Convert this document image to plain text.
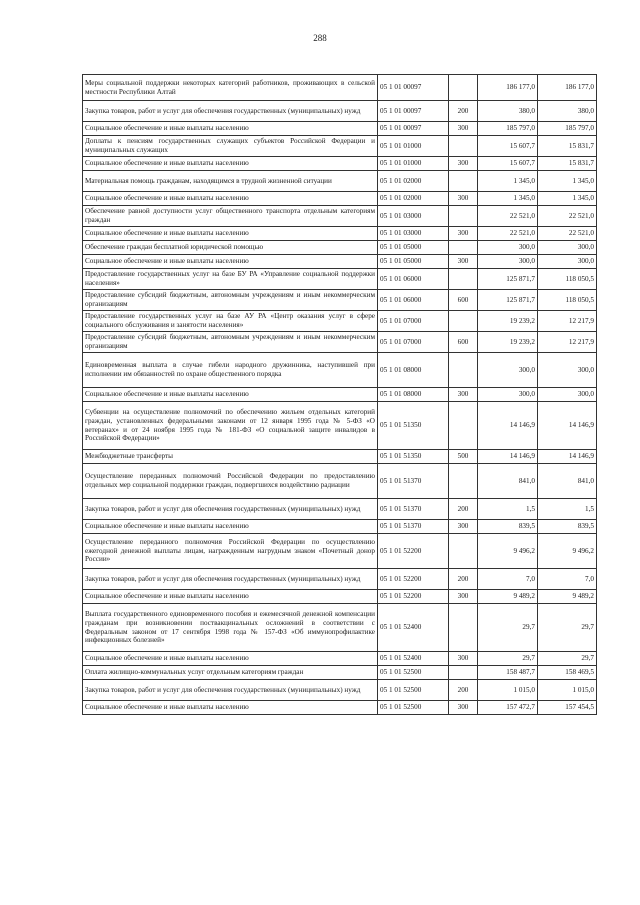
288
Меры социальной поддержки некоторых категорий работников, проживающих в сельской местности Республики Алтай	05 1 01 00097		186 177,0	186 177,0
Закупка товаров, работ и услуг для обеспечения государственных (муниципальных) нужд	05 1 01 00097	200	380,0	380,0
Социальное обеспечение и иные выплаты населению	05 1 01 00097	300	185 797,0	185 797,0
Доплаты к пенсиям государственных служащих субъектов Российской Федерации и муниципальных служащих	05 1 01 01000		15 607,7	15 831,7
Социальное обеспечение и иные выплаты населению	05 1 01 01000	300	15 607,7	15 831,7
Материальная помощь гражданам, находящимся в трудной жизненной ситуации	05 1 01 02000		1 345,0	1 345,0
Социальное обеспечение и иные выплаты населению	05 1 01 02000	300	1 345,0	1 345,0
Обеспечение равной доступности услуг общественного транспорта отдельным категориям граждан	05 1 01 03000		22 521,0	22 521,0
Социальное обеспечение и иные выплаты населению	05 1 01 03000	300	22 521,0	22 521,0
Обеспечение граждан бесплатной юридической помощью	05 1 01 05000		300,0	300,0
Социальное обеспечение и иные выплаты населению	05 1 01 05000	300	300,0	300,0
Предоставление государственных услуг на базе БУ РА «Управление социальной поддержки населения»	05 1 01 06000		125 871,7	118 050,5
Предоставление субсидий бюджетным, автономным учреждениям и иным некоммерческим организациям	05 1 01 06000	600	125 871,7	118 050,5
Предоставление государственных услуг на базе АУ РА «Центр оказания услуг в сфере социального обслуживания и занятости населения»	05 1 01 07000		19 239,2	12 217,9
Предоставление субсидий бюджетным, автономным учреждениям и иным некоммерческим организациям	05 1 01 07000	600	19 239,2	12 217,9
Единовременная выплата в случае гибели народного дружинника, наступившей при исполнении им обязанностей по охране общественного порядка	05 1 01 08000		300,0	300,0
Социальное обеспечение и иные выплаты населению	05 1 01 08000	300	300,0	300,0
Субвенции на осуществление полномочий по обеспечению жильем отдельных категорий граждан, установленных федеральными законами от 12 января 1995 года № 5-ФЗ «О ветеранах» и от 24 ноября 1995 года № 181-ФЗ «О социальной защите инвалидов в Российской Федерации»	05 1 01 51350		14 146,9	14 146,9
Межбюджетные трансферты	05 1 01 51350	500	14 146,9	14 146,9
Осуществление переданных полномочий Российской Федерации по предоставлению отдельных мер социальной поддержки граждан, подвергшихся воздействию радиации	05 1 01 51370		841,0	841,0
Закупка товаров, работ и услуг для обеспечения государственных (муниципальных) нужд	05 1 01 51370	200	1,5	1,5
Социальное обеспечение и иные выплаты населению	05 1 01 51370	300	839,5	839,5
Осуществление переданного полномочия Российской Федерации по осуществлению ежегодной денежной выплаты лицам, награжденным нагрудным знаком «Почетный донор России»	05 1 01 52200		9 496,2	9 496,2
Закупка товаров, работ и услуг для обеспечения государственных (муниципальных) нужд	05 1 01 52200	200	7,0	7,0
Социальное обеспечение и иные выплаты населению	05 1 01 52200	300	9 489,2	9 489,2
Выплата государственного единовременного пособия и ежемесячной денежной компенсации гражданам при возникновении поствакцинальных осложнений в соответствии с Федеральным законом от 17 сентября 1998 года № 157-ФЗ «Об иммунопрофилактике инфекционных болезней»	05 1 01 52400		29,7	29,7
Социальное обеспечение и иные выплаты населению	05 1 01 52400	300	29,7	29,7
Оплата жилищно-коммунальных услуг отдельным категориям граждан	05 1 01 52500		158 487,7	158 469,5
Закупка товаров, работ и услуг для обеспечения государственных (муниципальных) нужд	05 1 01 52500	200	1 015,0	1 015,0
Социальное обеспечение и иные выплаты населению	05 1 01 52500	300	157 472,7	157 454,5
